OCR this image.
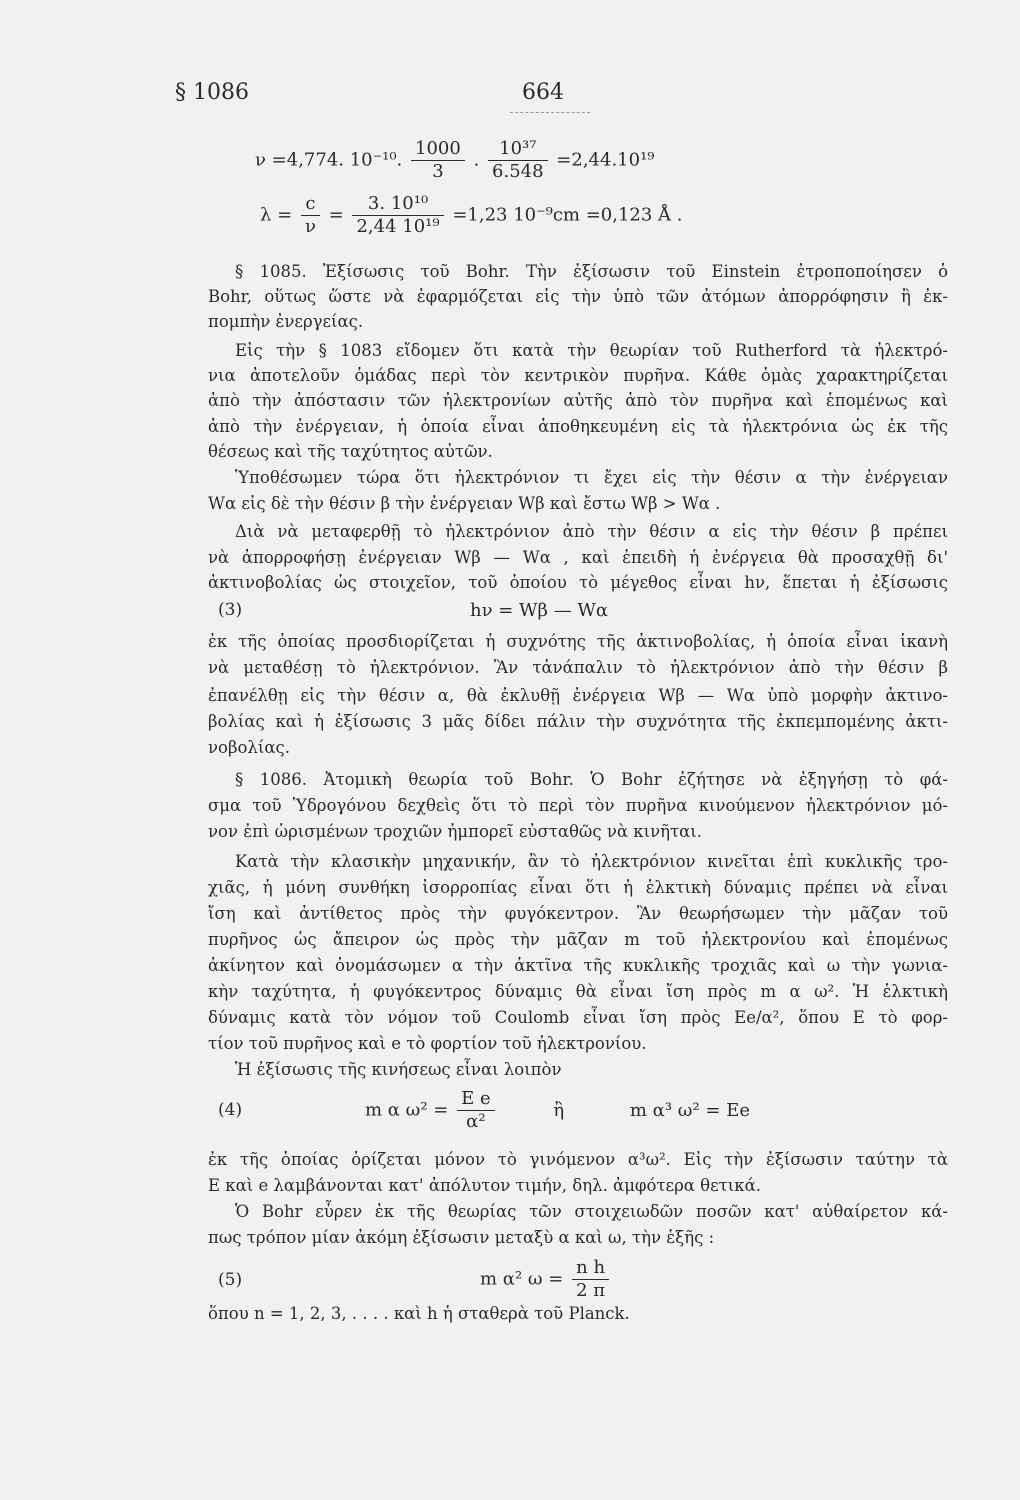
§ 1086	664
ν =4,774. 10⁻¹⁰. $\frac{1000}{3}$ . $\frac{\text{10³⁷}}{6.548} =2,44.10^{19}$
$\lambda = \frac{c}{\nu} = \frac{\text{3. 10¹⁰}}{\text{2,44 10¹⁹}} =1,23$ 10⁻⁹cm =0,123 Å .
§ 1085. Ἐξίσωσις τοῦ Bohr. Τὴν ἐξίσωσιν τοῦ Einstein ἐτροποποίησεν ὁ
Bohr, οὕτως ὥστε νὰ ἐφαρμόζεται εἰς τὴν ὑπὸ τῶν ἀτόμων ἀπορρόφησιν ἢ ἐκ-
πομπὴν ἐνεργείας.
Εἰς τὴν § 1083 εἴδομεν ὅτι κατὰ τὴν θεωρίαν τοῦ Rutherford τὰ ἠλεκτρό-
νια ἀποτελοῦν ὁμάδας περὶ τὸν κεντρικὸν πυρῆνα. Κάθε ὁμὰς χαρακτηρίζεται
ἀπὸ τὴν ἀπόστασιν τῶν ἠλεκτρονίων αὐτῆς ἀπὸ τὸν πυρῆνα καὶ ἑπομένως καὶ
ἀπὸ τὴν ἐνέργειαν, ἡ ὁποία εἶναι ἀποθηκευμένη εἰς τὰ ἠλεκτρόνια ὡς ἐκ τῆς
θέσεως καὶ τῆς ταχύτητος αὐτῶν.
Ὑποθέσωμεν τώρα ὅτι ἠλεκτρόνιον τι ἔχει εἰς τὴν θέσιν α τὴν ἐνέργειαν
Wα εἰς δὲ τὴν θέσιν β τὴν ἐνέργειαν Wβ καὶ ἔστω Wβ > Wα .
Διὰ νὰ μεταφερθῇ τὸ ἠλεκτρόνιον ἀπὸ τὴν θέσιν α εἰς τὴν θέσιν β πρέπει
νὰ ἀπορροφήσῃ ἐνέργειαν Wβ — Wα , καὶ ἐπειδὴ ἡ ἐνέργεια θὰ προσαχθῇ δι'
ἀκτινοβολίας ὡς στοιχεῖον, τοῦ ὁποίου τὸ μέγεθος εἶναι hν, ἕπεται ἡ ἐξίσωσις
(3)	hν = Wβ — Wα
ἐκ τῆς ὁποίας προσδιορίζεται ἡ συχνότης τῆς ἀκτινοβολίας, ἡ ὁποία εἶναι ἱκανὴ
νὰ μεταθέσῃ τὸ ἠλεκτρόνιον. Ἂν τἀνάπαλιν τὸ ἠλεκτρόνιον ἀπὸ τὴν θέσιν β
ἐπανέλθῃ εἰς τὴν θέσιν α, θὰ ἐκλυθῇ ἐνέργεια Wβ — Wα ὑπὸ μορφὴν ἀκτινο-
βολίας καὶ ἡ ἐξίσωσις 3 μᾶς δίδει πάλιν τὴν συχνότητα τῆς ἐκπεμπομένης ἀκτι-
νοβολίας.
§ 1086. Ἀτομικὴ θεωρία τοῦ Bohr. Ὁ Bohr ἐζήτησε νὰ ἐξηγήσῃ τὸ φά-
σμα τοῦ Ὑδρογόνου δεχθεὶς ὅτι τὸ περὶ τὸν πυρῆνα κινούμενον ἠλεκτρόνιον μό-
νον ἐπὶ ὡρισμένων τροχιῶν ἠμπορεῖ εὐσταθῶς νὰ κινῆται.
Κατὰ τὴν κλασικὴν μηχανικήν, ἂν τὸ ἠλεκτρόνιον κινεῖται ἐπὶ κυκλικῆς τρο-
χιᾶς, ἡ μόνη συνθήκη ἰσορροπίας εἶναι ὅτι ἡ ἑλκτικὴ δύναμις πρέπει νὰ εἶναι
ἴση καὶ ἀντίθετος πρὸς τὴν φυγόκεντρον. Ἂν θεωρήσωμεν τὴν μᾶζαν τοῦ
πυρῆνος ὡς ἄπειρον ὡς πρὸς τὴν μᾶζαν m τοῦ ἠλεκτρονίου καὶ ἑπομένως
ἀκίνητον καὶ ὀνομάσωμεν α τὴν ἀκτῖνα τῆς κυκλικῆς τροχιᾶς καὶ ω τὴν γωνια-
κὴν ταχύτητα, ἡ φυγόκεντρος δύναμις θὰ εἶναι ἴση πρὸς m α ω². Ἡ ἑλκτικὴ
δύναμις κατὰ τὸν νόμον τοῦ Coulomb εἶναι ἴση πρὸς Ee/α², ὅπου E τὸ φορ-
τίον τοῦ πυρῆνος καὶ e τὸ φορτίον τοῦ ἠλεκτρονίου.
Ἡ ἐξίσωσις τῆς κινήσεως εἶναι λοιπὸν
(4)	m α $\omega^2 = \frac{\text{E e}}{\text{α²}}$	ἢ	m α³ ω² = Ee
ἐκ τῆς ὁποίας ὁρίζεται μόνον τὸ γινόμενον α³ω². Εἰς τὴν ἐξίσωσιν ταύτην τὰ
E καὶ e λαμβάνονται κατ' ἀπόλυτον τιμήν, δηλ. ἀμφότερα θετικά.
Ὁ Bohr εὗρεν ἐκ τῆς θεωρίας τῶν στοιχειωδῶν ποσῶν κατ' αὐθαίρετον κά-
πως τρόπον μίαν ἀκόμη ἐξίσωσιν μεταξὺ α καὶ ω, τὴν ἑξῆς :
(5)	m α² $\omega = \frac{\text{n h}}{2 \pi}$
ὅπου n = 1, 2, 3, . . . . καὶ h ἡ σταθερὰ τοῦ Planck.
